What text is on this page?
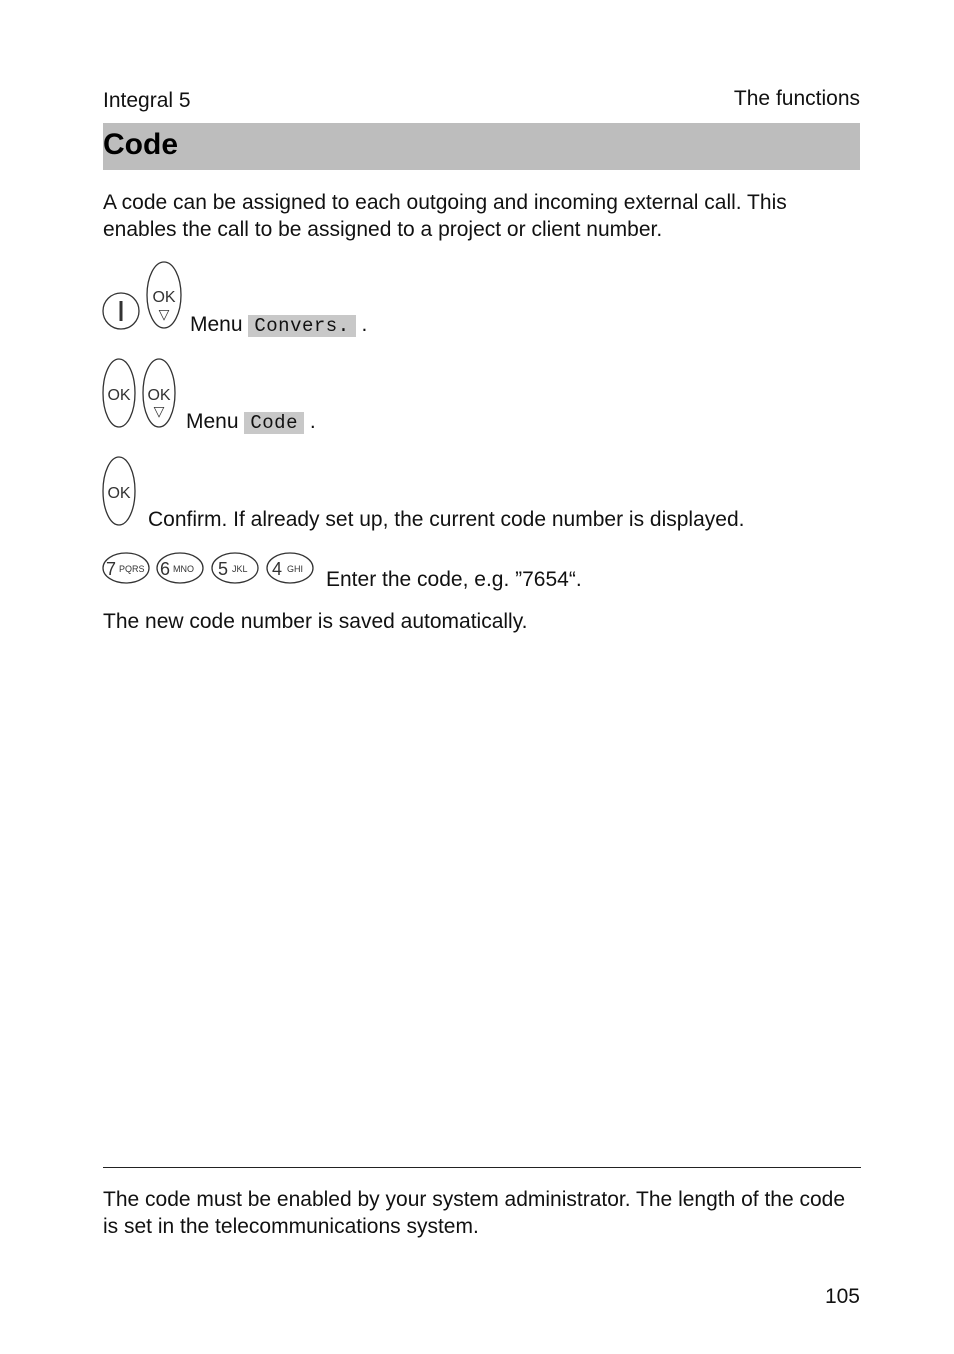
Integral 5	The functions
Code
A code can be assigned to each outgoing and incoming external call. This enables the call to be assigned to a project or client number.
OK
▽ Menu Convers. .
OK OK
▽ Menu Code .
OK
Confirm. If already set up, the current code number is displayed.
7 PQRS 6 MNO 5 JKL 4 GHI Enter the code, e.g. ”7654“.
The new code number is saved automatically.
The code must be enabled by your system administrator. The length of the code is set in the telecommunications system.
105
